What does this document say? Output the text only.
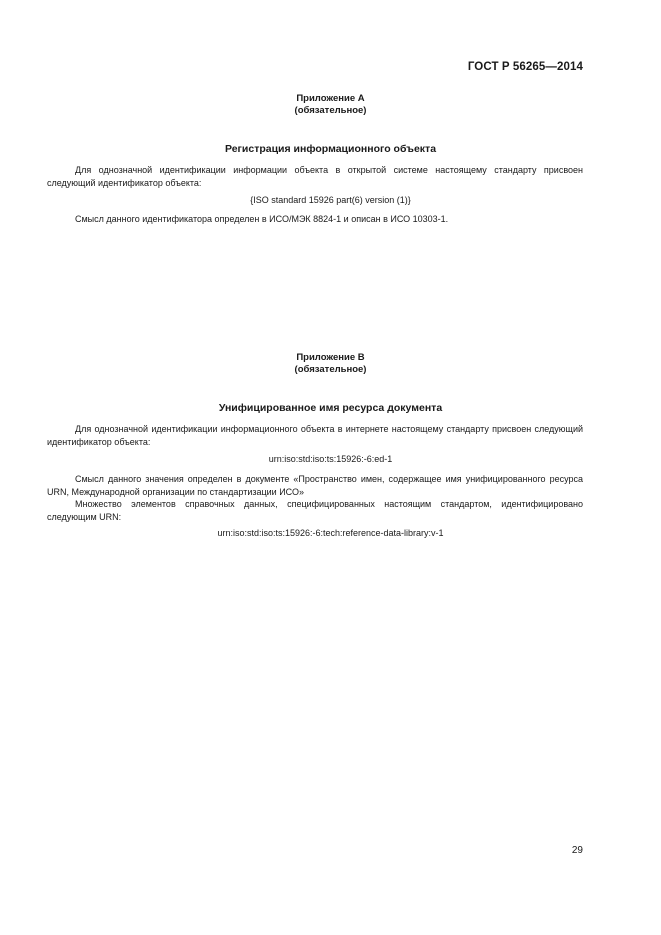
ГОСТ Р 56265—2014
Приложение A
(обязательное)
Регистрация информационного объекта
Для однозначной идентификации информации объекта в открытой системе настоящему стандарту присвоен следующий идентификатор объекта:
{ISO standard 15926 part(6) version (1)}
Смысл данного идентификатора определен в ИСО/МЭК 8824-1 и описан в ИСО 10303-1.
Приложение B
(обязательное)
Унифицированное имя ресурса документа
Для однозначной идентификации информационного объекта в интернете настоящему стандарту присвоен следующий идентификатор объекта:
urn:iso:std:iso:ts:15926:-6:ed-1
Смысл данного значения определен в документе «Пространство имен, содержащее имя унифицированного ресурса URN, Международной организации по стандартизации ИСО»
Множество элементов справочных данных, специфицированных настоящим стандартом, идентифицировано следующим URN:
urn:iso:std:iso:ts:15926:-6:tech:reference-data-library:v-1
29
